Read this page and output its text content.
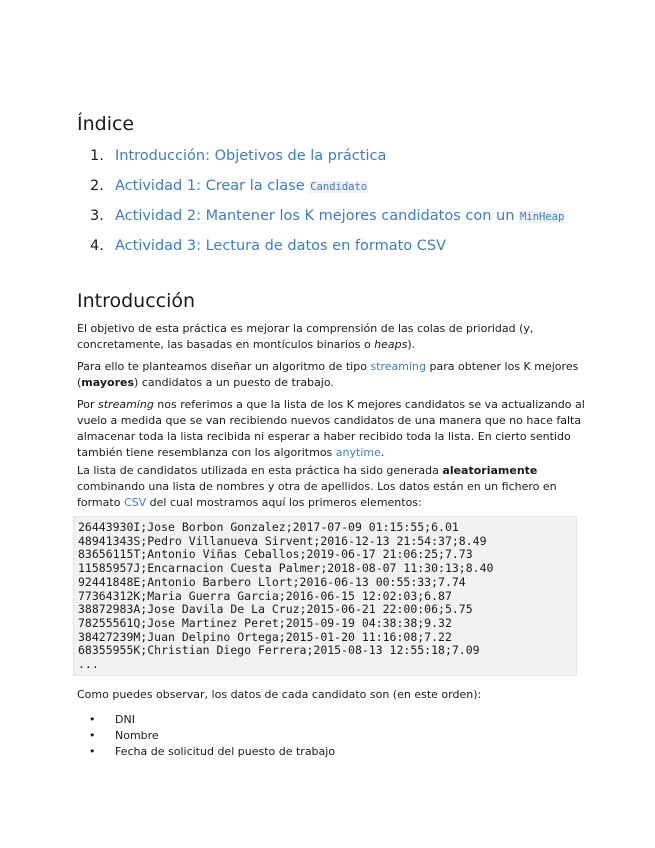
Índice
1. Introducción: Objetivos de la práctica
2. Actividad 1: Crear la clase Candidato
3. Actividad 2: Mantener los K mejores candidatos con un MinHeap
4. Actividad 3: Lectura de datos en formato CSV
Introducción

El objetivo de esta práctica es mejorar la comprensión de las colas de prioridad (y, concretamente, las basadas en montículos binarios o heaps).

Para ello te planteamos diseñar un algoritmo de tipo streaming para obtener los K mejores (mayores) candidatos a un puesto de trabajo.

Por streaming nos referimos a que la lista de los K mejores candidatos se va actualizando al vuelo a medida que se van recibiendo nuevos candidatos de una manera que no hace falta almacenar toda la lista recibida ni esperar a haber recibido toda la lista. En cierto sentido también tiene resemblanza con los algoritmos anytime.

La lista de candidatos utilizada en esta práctica ha sido generada aleatoriamente combinando una lista de nombres y otra de apellidos. Los datos están en un fichero en formato CSV del cual mostramos aquí los primeros elementos:

26443930I;Jose Borbon Gonzalez;2017-07-09 01:15:55;6.01
48941343S;Pedro Villanueva Sirvent;2016-12-13 21:54:37;8.49
83656115T;Antonio Viñas Ceballos;2019-06-17 21:06:25;7.73
11585957J;Encarnacion Cuesta Palmer;2018-08-07 11:30:13;8.40
92441848E;Antonio Barbero Llort;2016-06-13 00:55:33;7.74
77364312K;Maria Guerra Garcia;2016-06-15 12:02:03;6.87
38872983A;Jose Davila De La Cruz;2015-06-21 22:00:06;5.75
78255561Q;Jose Martinez Peret;2015-09-19 04:38:38;9.32
38427239M;Juan Delpino Ortega;2015-01-20 11:16:08;7.22
68355955K;Christian Diego Ferrera;2015-08-13 12:55:18;7.09
...

Como puedes observar, los datos de cada candidato son (en este orden):

• DNI
• Nombre
• Fecha de solicitud del puesto de trabajo
